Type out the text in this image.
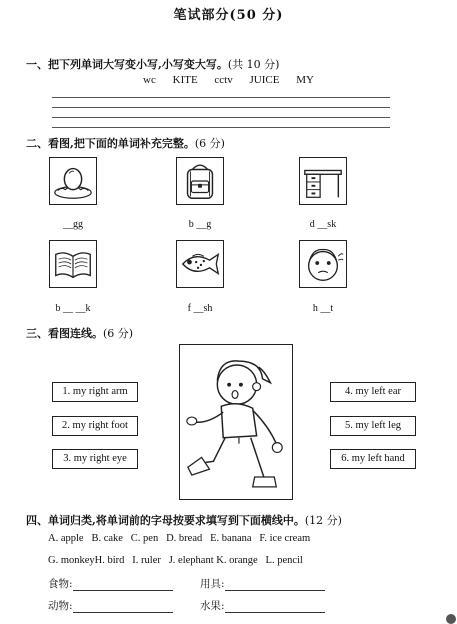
笔试部分(50 分)
一、把下列单词大写变小写,小写变大写。(共 10 分)
wc KITE cctv JUICE MY
二、看图,把下面的单词补充完整。(6 分)
__gg	b __g	d __sk
b __ __k	f __sh	h __t
三、看图连线。(6 分)
1. my right arm
2. my right foot
3. my right eye
4. my left ear
5. my left leg
6. my left hand
四、单词归类,将单词前的字母按要求填写到下面横线中。(12 分)
A. apple   B. cake   C. pen   D. bread   E. banana   F. ice cream
G. monkeyH. bird   I. ruler   J. elephant K. orange   L. pencil
食物:	用具:
动物:	水果:
